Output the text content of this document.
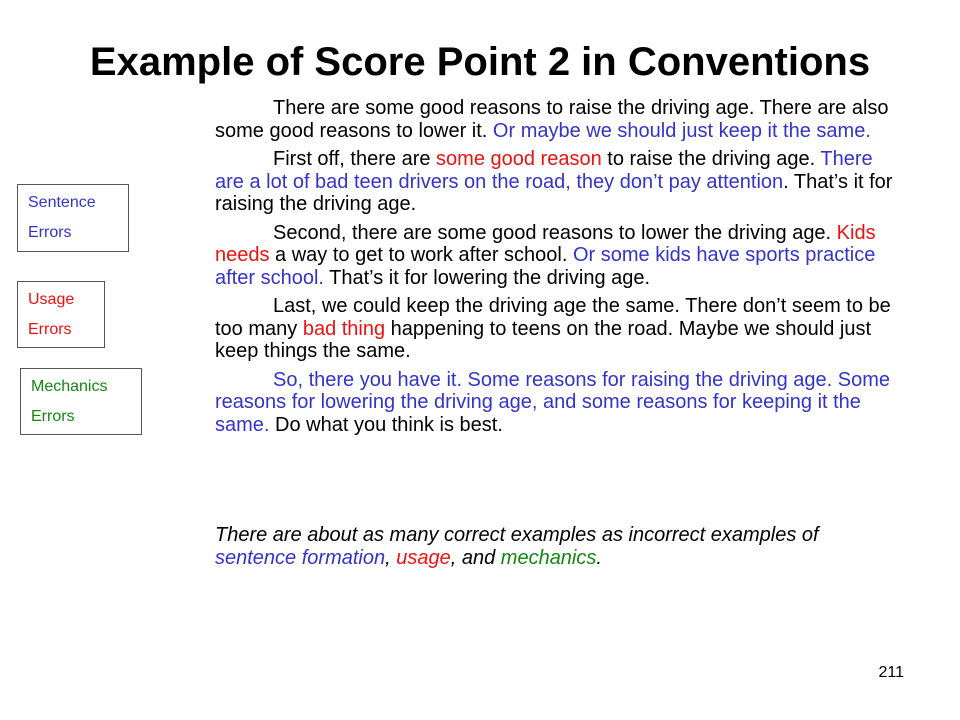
Example of Score Point 2 in Conventions
Sentence
Errors
Usage
Errors
Mechanics
Errors

There are some good reasons to raise the driving age. There are also some good reasons to lower it. Or maybe we should just keep it the same.

First off, there are some good reason to raise the driving age. There are a lot of bad teen drivers on the road, they don’t pay attention. That’s it for raising the driving age.

Second, there are some good reasons to lower the driving age. Kids needs a way to get to work after school. Or some kids have sports practice after school. That’s it for lowering the driving age.

Last, we could keep the driving age the same. There don’t seem to be too many bad thing happening to teens on the road. Maybe we should just keep things the same.

So, there you have it. Some reasons for raising the driving age. Some reasons for lowering the driving age, and some reasons for keeping it the same. Do what you think is best.

There are about as many correct examples as incorrect examples of sentence formation, usage, and mechanics.
211
